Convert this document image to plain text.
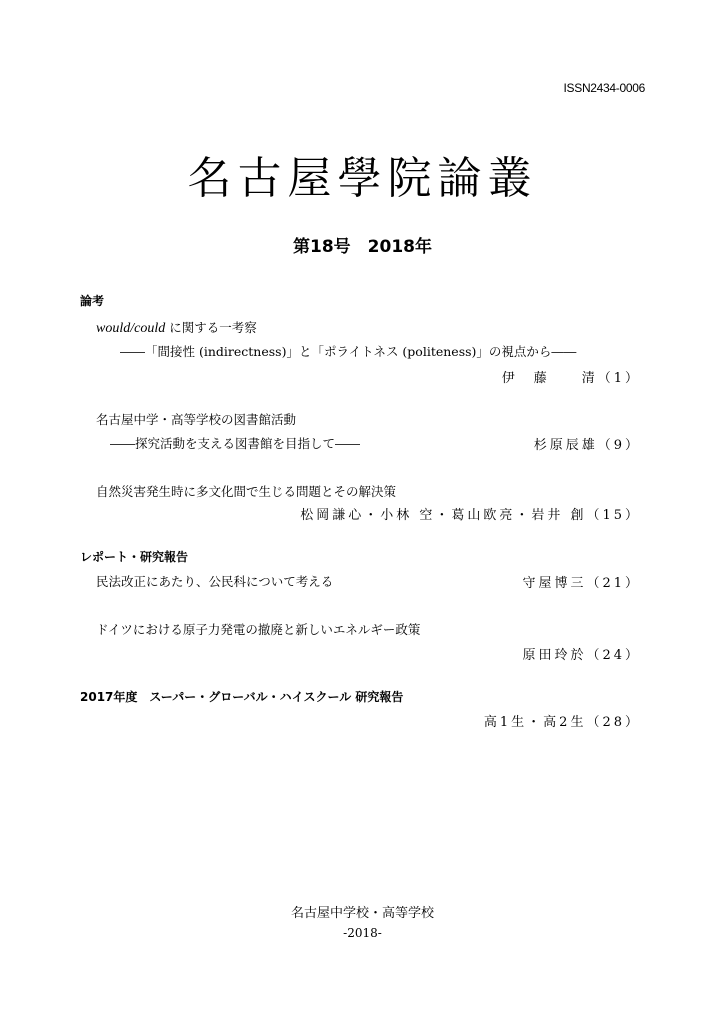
ISSN2434-0006
名古屋學院論叢
第18号　2018年
論考
would/could に関する一考察
――「間接性 (indirectness)」と「ポライトネス (politeness)」の視点から――
伊　藤　　清（1）
名古屋中学・高等学校の図書館活動
――探究活動を支える図書館を目指して――	杉原辰雄（9）
自然災害発生時に多文化間で生じる問題とその解決策
松岡謙心・小林 空・葛山欧亮・岩井 創（15）
レポート・研究報告
民法改正にあたり、公民科について考える	守屋博三（21）
ドイツにおける原子力発電の撤廃と新しいエネルギー政策
原田玲於（24）
2017年度　スーパー・グローバル・ハイスクール 研究報告
高1生・高2生（28）
名古屋中学校・高等学校
-2018-
